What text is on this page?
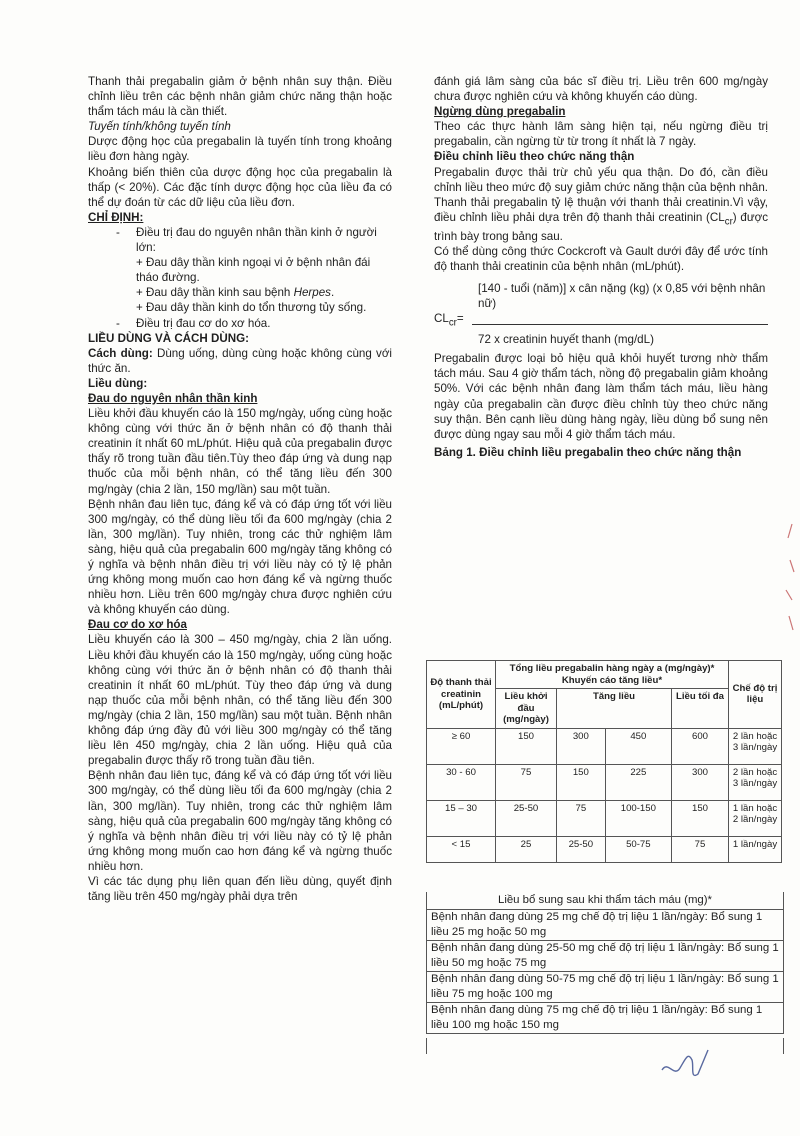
Thanh thải pregabalin giảm ở bệnh nhân suy thận. Điều chỉnh liều trên các bệnh nhân giảm chức năng thận hoặc thẩm tách máu là cần thiết.

Tuyến tính/không tuyến tính

Dược động học của pregabalin là tuyến tính trong khoảng liều đơn hàng ngày.

Khoảng biến thiên của dược động học của pregabalin là thấp (< 20%). Các đặc tính dược động học của liều đa có thể dự đoán từ các dữ liệu của liều đơn.

CHỈ ĐỊNH:

- Điều trị đau do nguyên nhân thần kinh ở người lớn:
+ Đau dây thần kinh ngoại vi ở bệnh nhân đái tháo đường.
+ Đau dây thần kinh sau bệnh Herpes.
+ Đau dây thần kinh do tổn thương tủy sống.
- Điều trị đau cơ do xơ hóa.

LIỀU DÙNG VÀ CÁCH DÙNG:

Cách dùng: Dùng uống, dùng cùng hoặc không cùng với thức ăn.

Liều dùng:

Đau do nguyên nhân thần kinh

Liều khởi đầu khuyến cáo là 150 mg/ngày, uống cùng hoặc không cùng với thức ăn ở bệnh nhân có độ thanh thải creatinin ít nhất 60 mL/phút. Hiệu quả của pregabalin được thấy rõ trong tuần đầu tiên.Tùy theo đáp ứng và dung nạp thuốc của mỗi bệnh nhân, có thể tăng liều đến 300 mg/ngày (chia 2 lần, 150 mg/lần) sau một tuần.

Bệnh nhân đau liên tục, đáng kể và có đáp ứng tốt với liều 300 mg/ngày, có thể dùng liều tối đa 600 mg/ngày (chia 2 lần, 300 mg/lần). Tuy nhiên, trong các thử nghiệm lâm sàng, hiệu quả của pregabalin 600 mg/ngày tăng không có ý nghĩa và bệnh nhân điều trị với liều này có tỷ lệ phản ứng không mong muốn cao hơn đáng kể và ngừng thuốc nhiều hơn. Liều trên 600 mg/ngày chưa được nghiên cứu và không khuyến cáo dùng.

Đau cơ do xơ hóa

Liều khuyến cáo là 300 – 450 mg/ngày, chia 2 lần uống. Liều khởi đầu khuyến cáo là 150 mg/ngày, uống cùng hoặc không cùng với thức ăn ở bệnh nhân có độ thanh thải creatinin ít nhất 60 mL/phút. Tùy theo đáp ứng và dung nạp thuốc của mỗi bệnh nhân, có thể tăng liều đến 300 mg/ngày (chia 2 lần, 150 mg/lần) sau một tuần. Bệnh nhân không đáp ứng đầy đủ với liều 300 mg/ngày có thể tăng liều lên 450 mg/ngày, chia 2 lần uống. Hiệu quả của pregabalin được thấy rõ trong tuần đầu tiên.

Bệnh nhân đau liên tục, đáng kể và có đáp ứng tốt với liều 300 mg/ngày, có thể dùng liều tối đa 600 mg/ngày (chia 2 lần, 300 mg/lần). Tuy nhiên, trong các thử nghiệm lâm sàng, hiệu quả của pregabalin 600 mg/ngày tăng không có ý nghĩa và bệnh nhân điều trị với liều này có tỷ lệ phản ứng không mong muốn cao hơn đáng kể và ngừng thuốc nhiều hơn.

Vì các tác dụng phụ liên quan đến liều dùng, quyết định tăng liều trên 450 mg/ngày phải dựa trên

đánh giá lâm sàng của bác sĩ điều trị. Liều trên 600 mg/ngày chưa được nghiên cứu và không khuyến cáo dùng.

Ngừng dùng pregabalin

Theo các thực hành lâm sàng hiện tại, nếu ngừng điều trị pregabalin, cần ngừng từ từ trong ít nhất là 7 ngày.

Điều chỉnh liều theo chức năng thận

Pregabalin được thải trừ chủ yếu qua thận. Do đó, cần điều chỉnh liều theo mức độ suy giảm chức năng thận của bệnh nhân. Thanh thải pregabalin tỷ lệ thuận với thanh thải creatinin.Vì vậy, điều chỉnh liều phải dựa trên độ thanh thải creatinin $(CL_{cr})$ được trình bày trong bảng sau.

Có thể dùng công thức Cockcroft và Gault dưới đây để ước tính độ thanh thải creatinin của bệnh nhân (mL/phút).

[140 - tuổi (năm)] x cân nặng (kg) (x 0,85 với bệnh nhân nữ)

$CL_{cr}=$

72 x creatinin huyết thanh (mg/dL)

Pregabalin được loại bỏ hiệu quả khỏi huyết tương nhờ thẩm tách máu. Sau 4 giờ thẩm tách, nồng độ pregabalin giảm khoảng 50%. Với các bệnh nhân đang làm thẩm tách máu, liều hàng ngày của pregabalin cần được điều chỉnh tùy theo chức năng suy thận. Bên cạnh liều dùng hàng ngày, liều dùng bổ sung nên được dùng ngay sau mỗi 4 giờ thẩm tách máu.

Bảng 1. Điều chỉnh liều pregabalin theo chức năng thận

Độ thanh thải creatinin (mL/phút)	Tổng liều pregabalin hàng ngày a (mg/ngày)*
Khuyến cáo tăng liều*				Chế độ trị liệu
	Liều khởi đầu (mg/ngày)	Tăng liều		Liều tối đa	

≥ 60	150	300	450	600	2 lần hoặc 3 lần/ngày
30 - 60	75	150	225	300	2 lần hoặc 3 lần/ngày
15 – 30	25-50	75	100-150	150	1 lần hoặc 2 lần/ngày
< 15	25	25-50	50-75	75	1 lần/ngày
Liều bổ sung sau khi thẩm tách máu (mg)*
Bệnh nhân đang dùng 25 mg chế độ trị liệu 1 lần/ngày: Bổ sung 1 liều 25 mg hoặc 50 mg
Bệnh nhân đang dùng 25-50 mg chế độ trị liệu 1 lần/ngày: Bổ sung 1 liều 50 mg hoặc 75 mg
Bệnh nhân đang dùng 50-75 mg chế độ trị liệu 1 lần/ngày: Bổ sung 1 liều 75 mg hoặc 100 mg
Bệnh nhân đang dùng 75 mg chế độ trị liệu 1 lần/ngày: Bổ sung 1 liều 100 mg hoặc 150 mg
